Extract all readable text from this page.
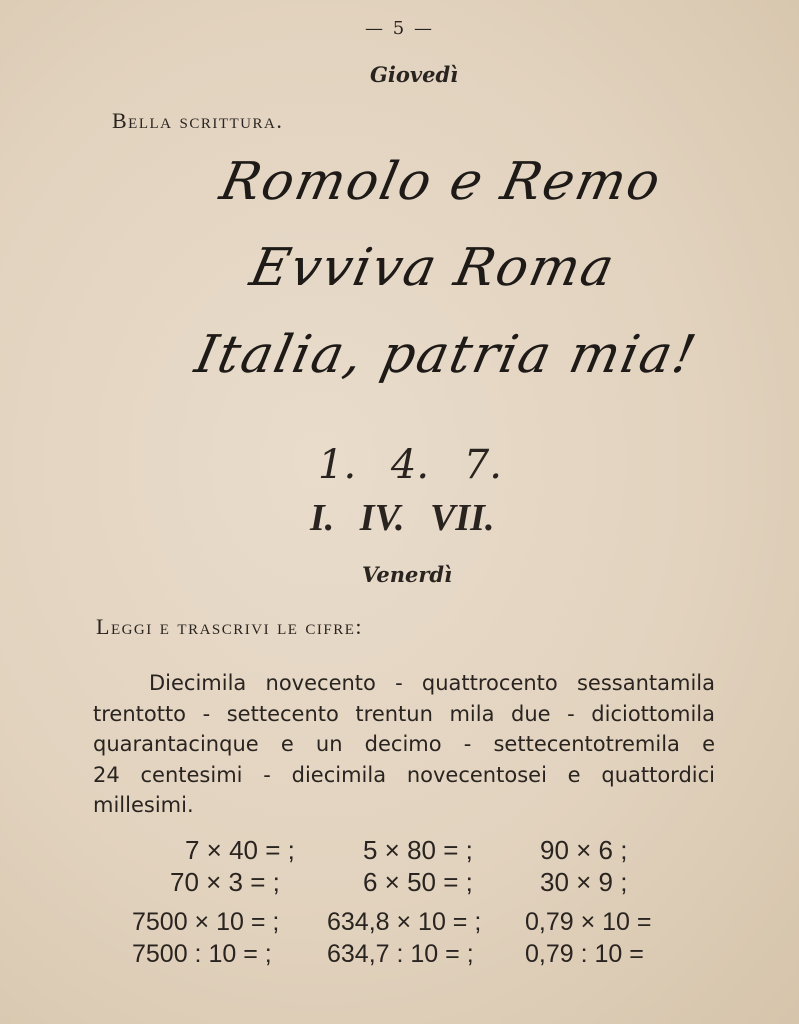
— 5 —
Giovedì
Bella scrittura.
Romolo e Remo
Evviva Roma
Italia, patria mia!
1. 4. 7.
I. IV. VII.
Venerdì
Leggi e trascrivi le cifre:
Diecimila novecento - quattrocento sessantamila
trentotto - settecento trentun mila due - diciottomila
quarantacinque e un decimo - settecentotremila e
24 centesimi - diecimila novecentosei e quattordici
millesimi.
7 × 40 = ;	5 × 80 = ;	90 × 6 ;
70 × 3 = ;	6 × 50 = ;	30 × 9 ;
7500 × 10 = ; 634,8 × 10 = ; 0,79 × 10 =
7500 : 10 = ; 634,7 : 10 = ; 0,79 : 10 =
